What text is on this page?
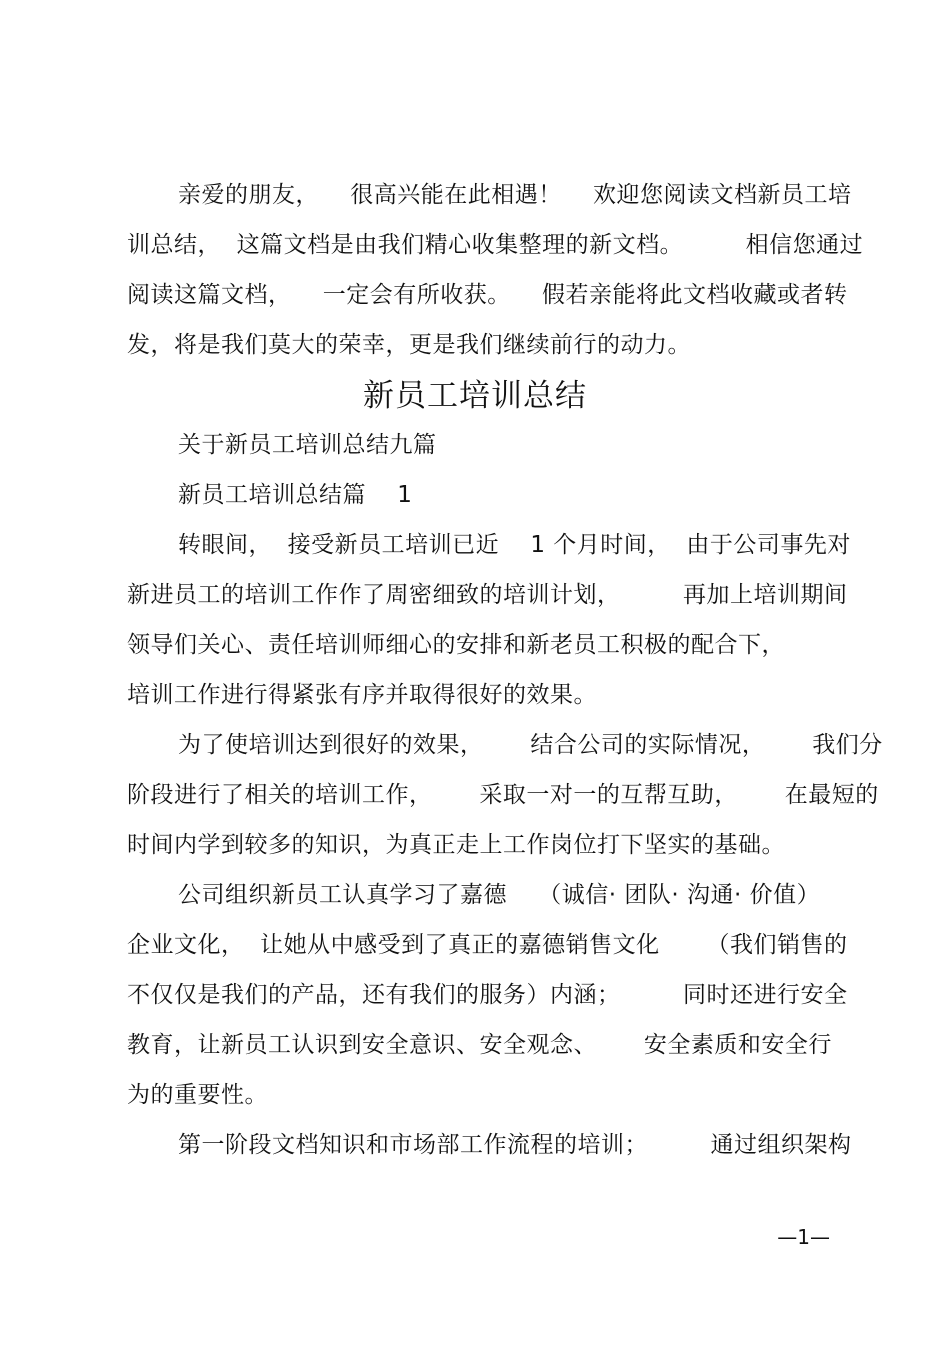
亲爱的朋友，    很高兴能在此相遇！    欢迎您阅读文档新员工培
训总结，  这篇文档是由我们精心收集整理的新文档。        相信您通过
阅读这篇文档，    一定会有所收获。    假若亲能将此文档收藏或者转
发，将是我们莫大的荣幸，更是我们继续前行的动力。
新员工培训总结
关于新员工培训总结九篇
新员工培训总结篇    1
转眼间，  接受新员工培训已近    1 个月时间，  由于公司事先对
新进员工的培训工作作了周密细致的培训计划，        再加上培训期间
领导们关心、责任培训师细心的安排和新老员工积极的配合下，
培训工作进行得紧张有序并取得很好的效果。
为了使培训达到很好的效果，      结合公司的实际情况，      我们分
阶段进行了相关的培训工作，      采取一对一的互帮互助，      在最短的
时间内学到较多的知识，为真正走上工作岗位打下坚实的基础。
公司组织新员工认真学习了嘉德    （诚信· 团队· 沟通· 价值）
企业文化，  让她从中感受到了真正的嘉德销售文化      （我们销售的
不仅仅是我们的产品，还有我们的服务）内涵；        同时还进行安全
教育，让新员工认识到安全意识、安全观念、      安全素质和安全行
为的重要性。
第一阶段文档知识和市场部工作流程的培训；        通过组织架构
—1—
